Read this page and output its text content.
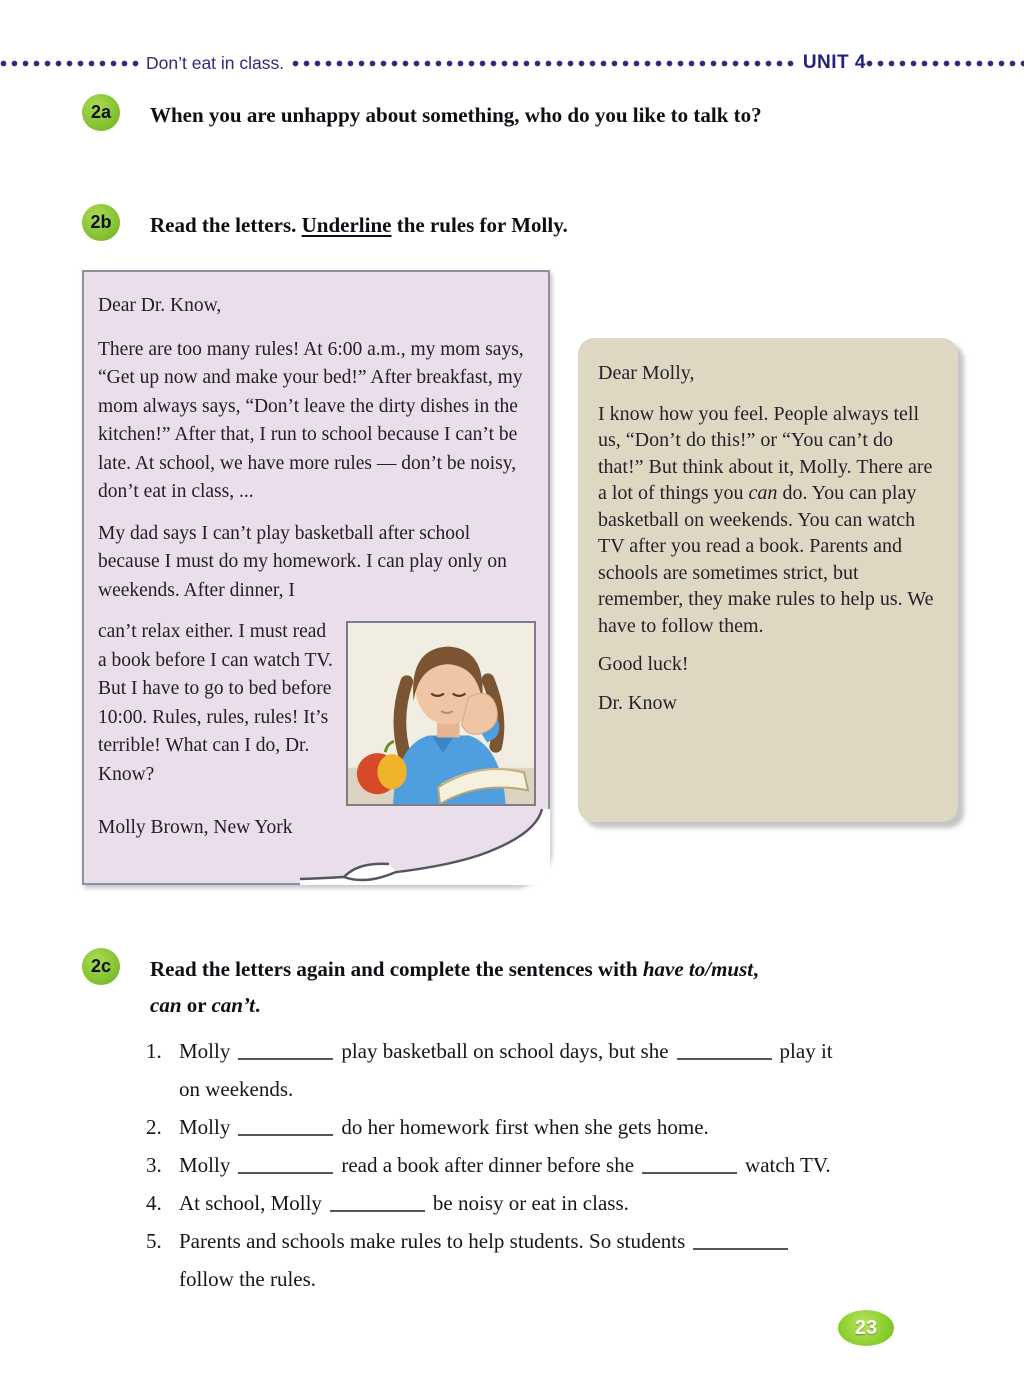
Don’t eat in class.	UNIT 4
2a	When you are unhappy about something, who do you like to talk to?

2b	Read the letters. Underline the rules for Molly.

Dear Dr. Know,

There are too many rules! At 6:00 a.m., my mom says, “Get up now and make your bed!” After breakfast, my mom always says, “Don’t leave the dirty dishes in the kitchen!” After that, I run to school because I can’t be late. At school, we have more rules — don’t be noisy, don’t eat in class, ...

My dad says I can’t play basketball after school because I must do my homework. I can play only on weekends. After dinner, I

can’t relax either. I must read a book before I can watch TV. But I have to go to bed before 10:00. Rules, rules, rules! It’s terrible! What can I do, Dr. Know?

Molly Brown, New York

Dear Molly,

I know how you feel. People always tell us, “Don’t do this!” or “You can’t do that!” But think about it, Molly. There are a lot of things you can do. You can play basketball on weekends. You can watch TV after you read a book. Parents and schools are sometimes strict, but remember, they make rules to help us. We have to follow them.

Good luck!

Dr. Know

2c	Read the letters again and complete the sentences with have to/must,
can or can’t.

1. Molly	play basketball on school days, but she	play it
on weekends.
2. Molly	do her homework first when she gets home.
3. Molly	read a book after dinner before she	watch TV.
4. At school, Molly	be noisy or eat in class.
5. Parents and schools make rules to help students. So students
follow the rules.
23
